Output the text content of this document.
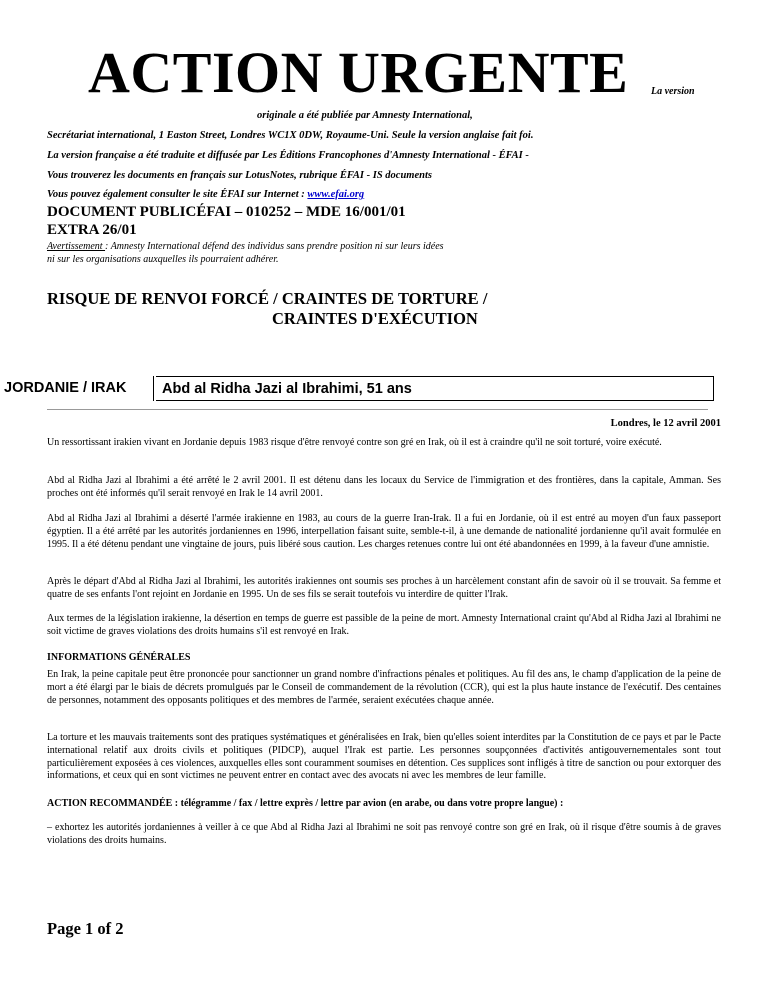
ACTION URGENTE La version
originale a été publiée par Amnesty International,
Secrétariat international, 1 Easton Street, Londres WC1X 0DW, Royaume-Uni. Seule la version anglaise fait foi.
La version française a été traduite et diffusée par Les Éditions Francophones d'Amnesty International - ÉFAI -
Vous trouverez les documents en français sur LotusNotes, rubrique ÉFAI - IS documents
Vous pouvez également consulter le site ÉFAI sur Internet : www.efai.org
DOCUMENT PUBLICÉFAI – 010252 – MDE 16/001/01
EXTRA 26/01
Avertissement : Amnesty International défend des individus sans prendre position ni sur leurs idées
ni sur les organisations auxquelles ils pourraient adhérer.
RISQUE DE RENVOI FORCÉ / CRAINTES DE TORTURE /
CRAINTES D'EXÉCUTION
JORDANIE / IRAK	Abd al Ridha Jazi al Ibrahimi, 51 ans
Londres, le 12 avril 2001
Un ressortissant irakien vivant en Jordanie depuis 1983 risque d'être renvoyé contre son gré en Irak, où il est à craindre qu'il ne soit torturé, voire exécuté.
Abd al Ridha Jazi al Ibrahimi a été arrêté le 2 avril 2001. Il est détenu dans les locaux du Service de l'immigration et des frontières, dans la capitale, Amman. Ses proches ont été informés qu'il serait renvoyé en Irak le 14 avril 2001.
Abd al Ridha Jazi al Ibrahimi a déserté l'armée irakienne en 1983, au cours de la guerre Iran-Irak. Il a fui en Jordanie, où il est entré au moyen d'un faux passeport égyptien. Il a été arrêté par les autorités jordaniennes en 1996, interpellation faisant suite, semble-t-il, à une demande de nationalité jordanienne qu'il avait formulée en 1995. Il a été détenu pendant une vingtaine de jours, puis libéré sous caution. Les charges retenues contre lui ont été abandonnées en 1999, à la faveur d'une amnistie.
Après le départ d'Abd al Ridha Jazi al Ibrahimi, les autorités irakiennes ont soumis ses proches à un harcèlement constant afin de savoir où il se trouvait. Sa femme et quatre de ses enfants l'ont rejoint en Jordanie en 1995. Un de ses fils se serait toutefois vu interdire de quitter l'Irak.
Aux termes de la législation irakienne, la désertion en temps de guerre est passible de la peine de mort. Amnesty International craint qu'Abd al Ridha Jazi al Ibrahimi ne soit victime de graves violations des droits humains s'il est renvoyé en Irak.
INFORMATIONS GÉNÉRALES
En Irak, la peine capitale peut être prononcée pour sanctionner un grand nombre d'infractions pénales et politiques. Au fil des ans, le champ d'application de la peine de mort a été élargi par le biais de décrets promulgués par le Conseil de commandement de la révolution (CCR), qui est la plus haute instance de l'exécutif. Des centaines de personnes, notamment des opposants politiques et des membres de l'armée, seraient exécutées chaque année.
La torture et les mauvais traitements sont des pratiques systématiques et généralisées en Irak, bien qu'elles soient interdites par la Constitution de ce pays et par le Pacte international relatif aux droits civils et politiques (PIDCP), auquel l'Irak est partie. Les personnes soupçonnées d'activités antigouvernementales sont tout particulièrement exposées à ces violences, auxquelles elles sont couramment soumises en détention. Ces supplices sont infligés à titre de sanction ou pour extorquer des informations, et ceux qui en sont victimes ne peuvent entrer en contact avec des avocats ni avec les membres de leur famille.
ACTION RECOMMANDÉE : télégramme / fax / lettre exprès / lettre par avion (en arabe, ou dans votre propre langue) :
– exhortez les autorités jordaniennes à veiller à ce que Abd al Ridha Jazi al Ibrahimi ne soit pas renvoyé contre son gré en Irak, où il risque d'être soumis à de graves violations des droits humains.
Page 1 of 2
